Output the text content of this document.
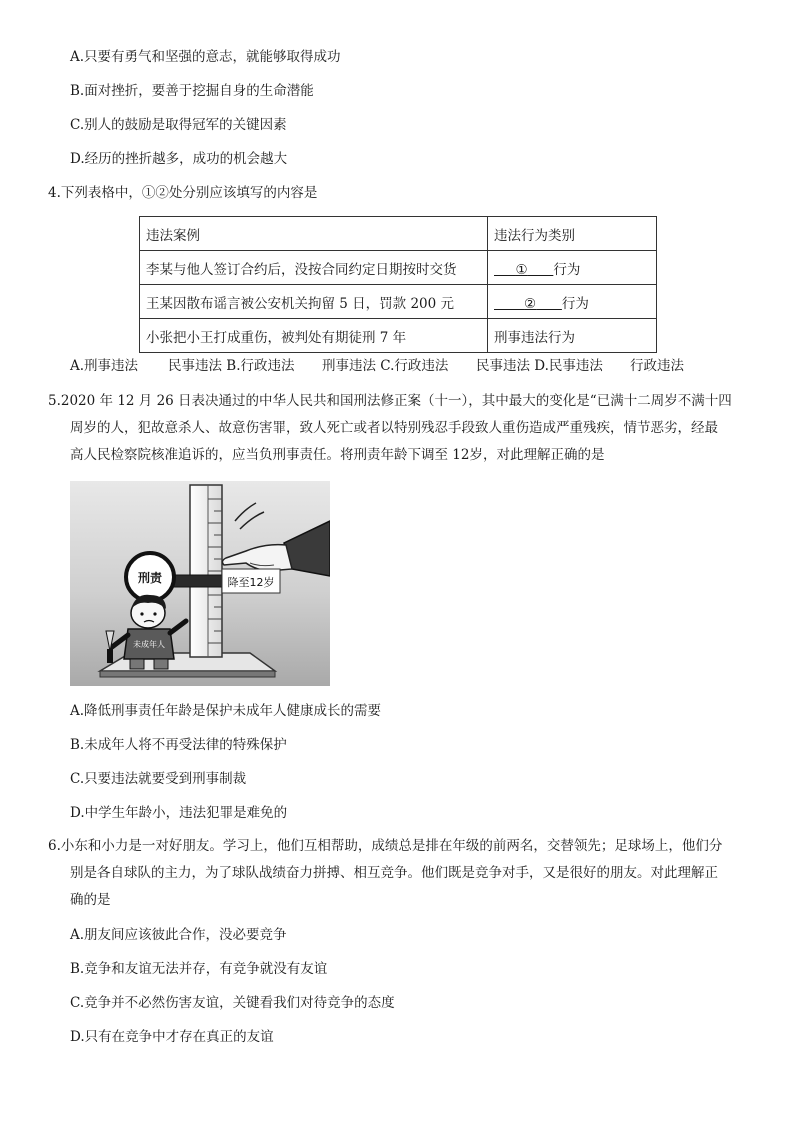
A.只要有勇气和坚强的意志，就能够取得成功
B.面对挫折，要善于挖掘自身的生命潜能
C.别人的鼓励是取得冠军的关键因素
D.经历的挫折越多，成功的机会越大
4.下列表格中，①②处分别应该填写的内容是
违法案例	违法行为类别
李某与他人签订合约后，没按合同约定日期按时交货	① 行为
王某因散布谣言被公安机关拘留 5 日，罚款 200 元	② 行为
小张把小王打成重伤，被判处有期徒刑 7 年	刑事违法行为
A.刑事违法 民事违法 B.行政违法 刑事违法 C.行政违法 民事违法 D.民事违法 行政违法
5.2020 年 12 月 26 日表决通过的中华人民共和国刑法修正案（十一），其中最大的变化是“已满十二周岁不满十四
周岁的人，犯故意杀人、故意伤害罪，致人死亡或者以特别残忍手段致人重伤造成严重残疾，情节恶劣，经最
高人民检察院核准追诉的，应当负刑事责任。将刑责年龄下调至 12岁，对此理解正确的是
降至12岁
刑责
未成年人
A.降低刑事责任年龄是保护未成年人健康成长的需要
B.未成年人将不再受法律的特殊保护
C.只要违法就要受到刑事制裁
D.中学生年龄小，违法犯罪是难免的
6.小东和小力是一对好朋友。学习上，他们互相帮助，成绩总是排在年级的前两名，交替领先；足球场上，他们分
别是各自球队的主力，为了球队战绩奋力拼搏、相互竞争。他们既是竞争对手，又是很好的朋友。对此理解正
确的是
A.朋友间应该彼此合作，没必要竞争
B.竞争和友谊无法并存，有竞争就没有友谊
C.竞争并不必然伤害友谊，关键看我们对待竞争的态度
D.只有在竞争中才存在真正的友谊
